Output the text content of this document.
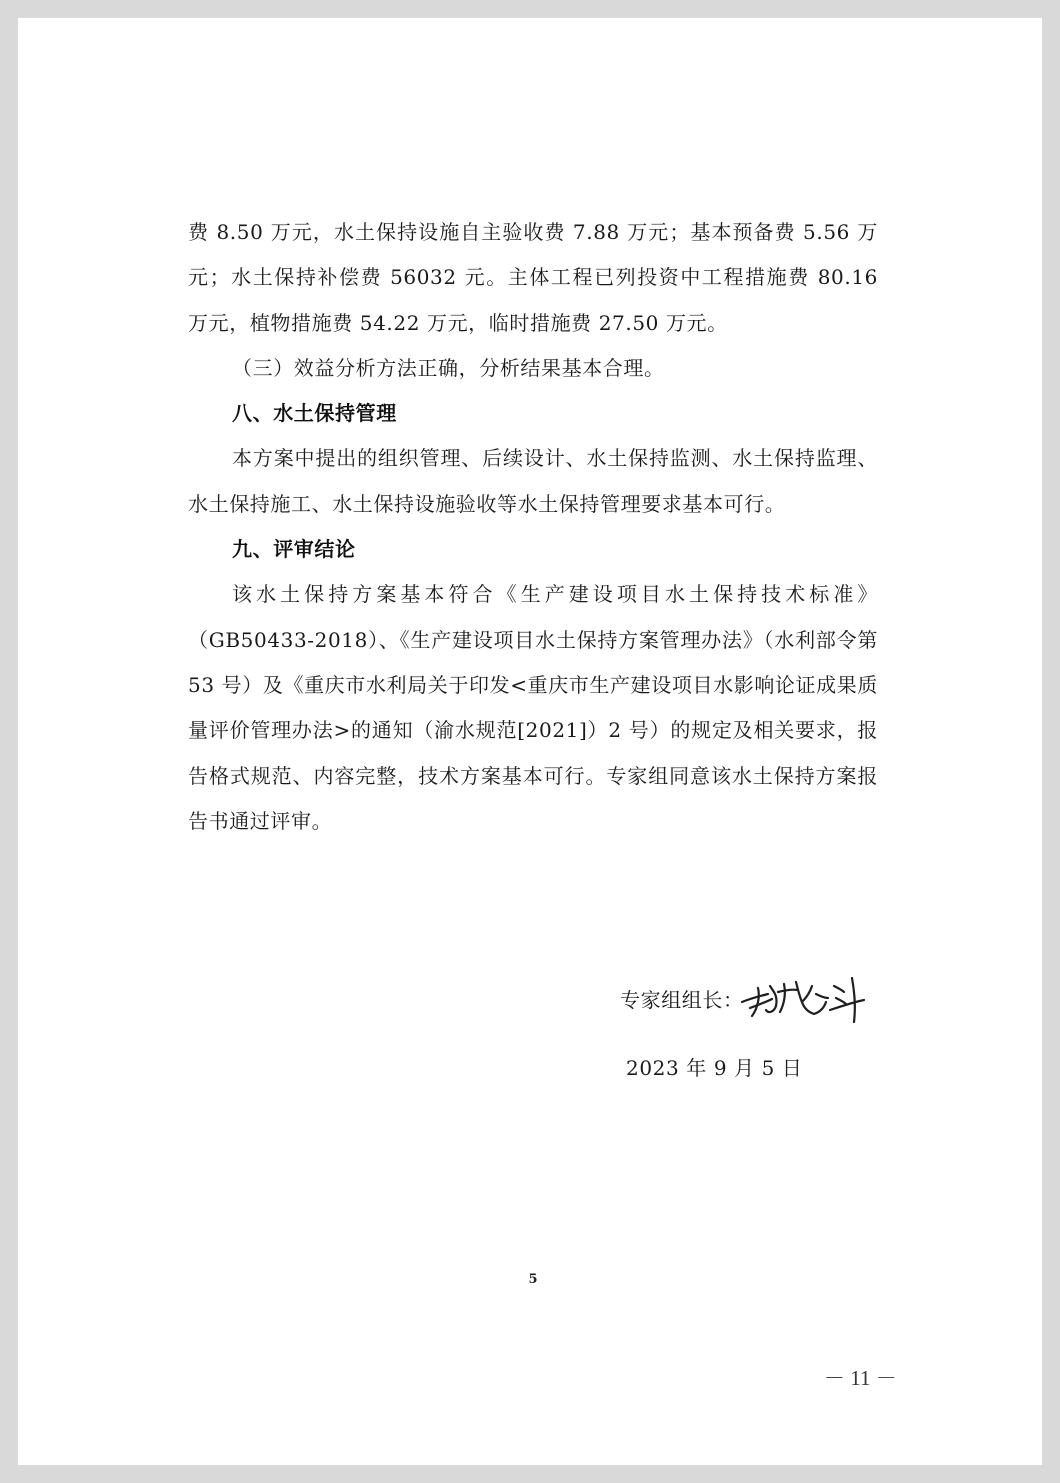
费 8.50 万元，水土保持设施自主验收费 7.88 万元；基本预备费 5.56 万元；水土保持补偿费 56032 元。主体工程已列投资中工程措施费 80.16 万元，植物措施费 54.22 万元，临时措施费 27.50 万元。

（三）效益分析方法正确，分析结果基本合理。

八、水土保持管理

本方案中提出的组织管理、后续设计、水土保持监测、水土保持监理、水土保持施工、水土保持设施验收等水土保持管理要求基本可行。

九、评审结论

该水土保持方案基本符合《生产建设项目水土保持技术标准》（GB50433-2018）、《生产建设项目水土保持方案管理办法》（水利部令第 53 号）及《重庆市水利局关于印发<重庆市生产建设项目水影响论证成果质量评价管理办法>的通知（渝水规范[2021]）2 号）的规定及相关要求，报告格式规范、内容完整，技术方案基本可行。专家组同意该水土保持方案报告书通过评审。

专家组组长：
2023 年 9 月 5 日
5
－ 11 －
